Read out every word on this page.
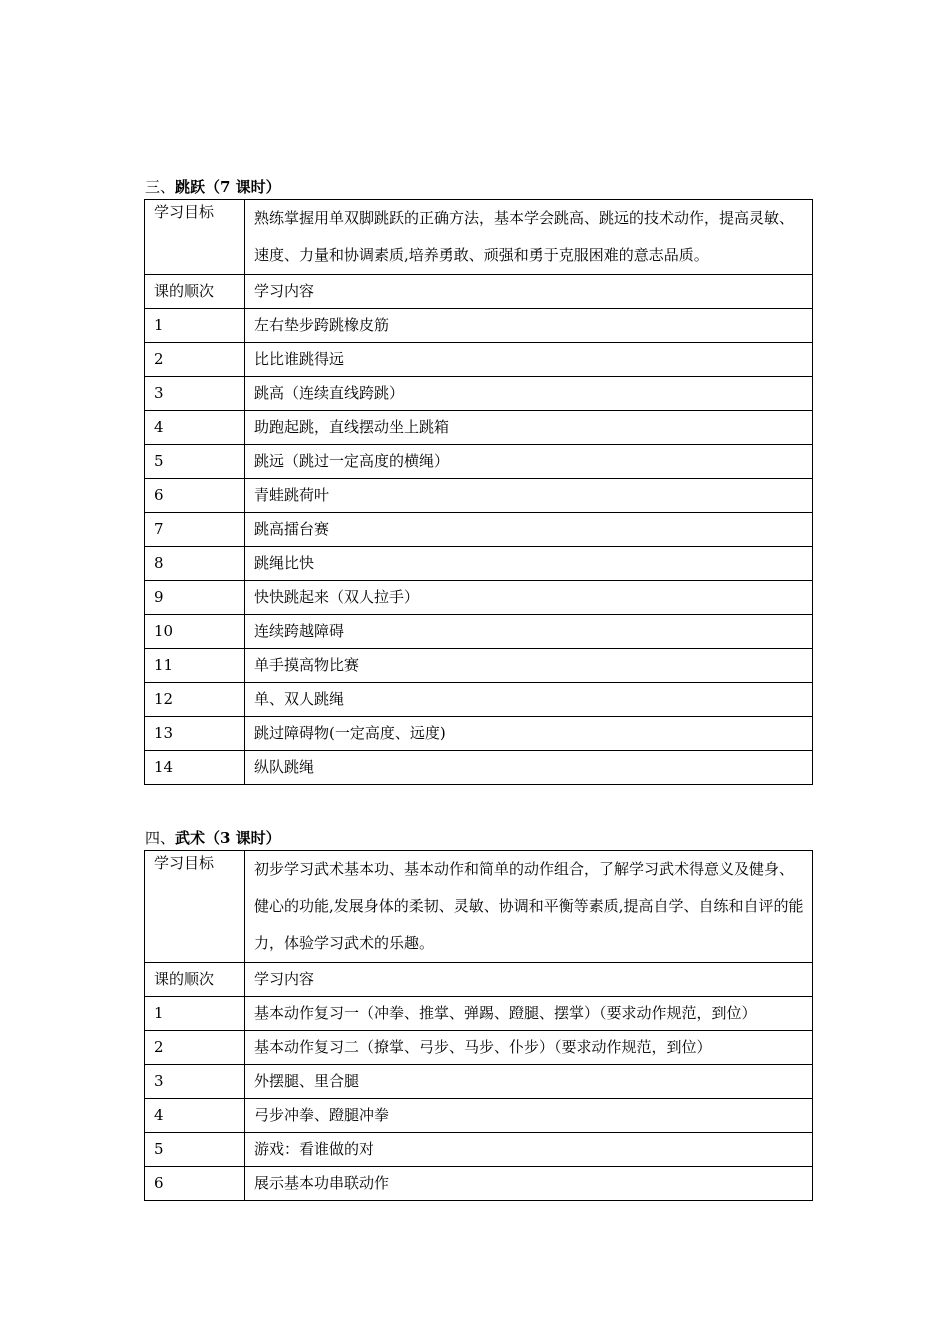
三、跳跃（7 课时）
学习目标	熟练掌握用单双脚跳跃的正确方法，基本学会跳高、跳远的技术动作，提高灵敏、速度、力量和协调素质,培养勇敢、顽强和勇于克服困难的意志品质。
课的顺次	学习内容
1	左右垫步跨跳橡皮筋
2	比比谁跳得远
3	跳高（连续直线跨跳）
4	助跑起跳，直线摆动坐上跳箱
5	跳远（跳过一定高度的横绳）
6	青蛙跳荷叶
7	跳高擂台赛
8	跳绳比快
9	快快跳起来（双人拉手）
10	连续跨越障碍
11	单手摸高物比赛
12	单、双人跳绳
13	跳过障碍物(一定高度、远度)
14	纵队跳绳
四、武术（3 课时）
学习目标	初步学习武术基本功、基本动作和简单的动作组合，了解学习武术得意义及健身、健心的功能,发展身体的柔韧、灵敏、协调和平衡等素质,提高自学、自练和自评的能力，体验学习武术的乐趣。
课的顺次	学习内容
1	基本动作复习一（冲拳、推掌、弹踢、蹬腿、摆掌）（要求动作规范，到位）
2	基本动作复习二（撩掌、弓步、马步、仆步）（要求动作规范，到位）
3	外摆腿、里合腿
4	弓步冲拳、蹬腿冲拳
5	游戏：看谁做的对
6	展示基本功串联动作
